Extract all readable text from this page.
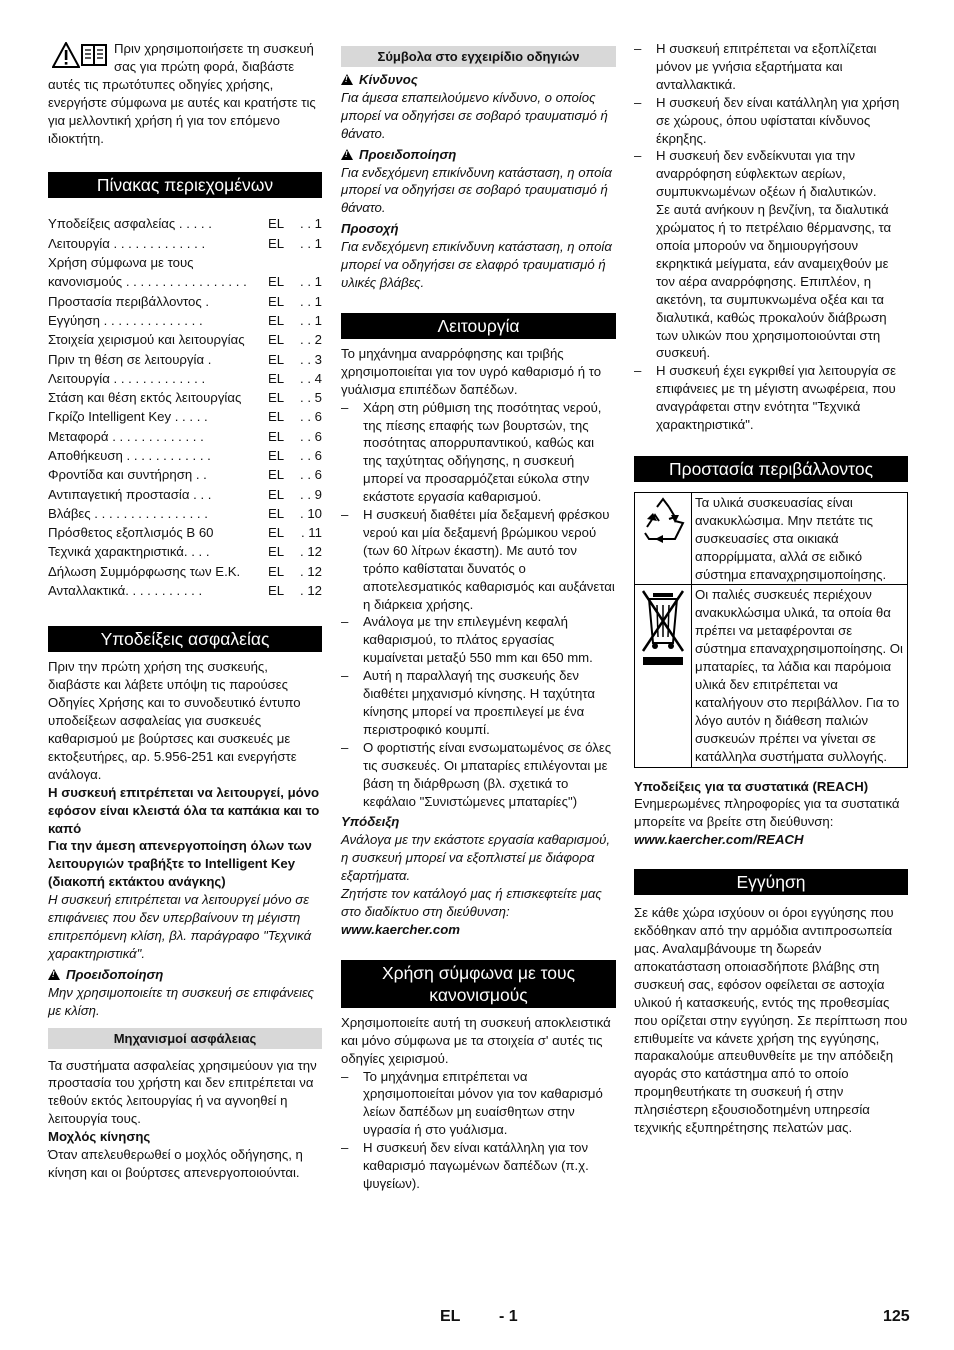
Πριν χρησιμοποιήσετε τη συσκευή σας για πρώτη φορά, διαβάστε αυτές τις πρωτότυπες οδηγίες χρήσης, ενεργήστε σύμφωνα με αυτές και κρατήστε τις για μελλοντική χρήση ή για τον επόμενο ιδιοκτήτη.

Πίνακας περιεχομένων
Υποδείξεις ασφαλείας . . . . .	EL	. . 1
Λειτουργία . . . . . . . . . . . . .	EL	. . 1
Χρήση σύμφωνα με τους κανονισμούς . . . . . . . . . . . . . . . . .	EL	. . 1
Προστασία περιβάλλοντος .	EL	. . 1
Εγγύηση . . . . . . . . . . . . . .	EL	. . 1
Στοιχεία χειρισμού και λειτουργίας	EL	. . 2
Πριν τη θέση σε λειτουργία .	EL	. . 3
Λειτουργία . . . . . . . . . . . . .	EL	. . 4
Στάση και θέση εκτός λειτουργίας	EL	. . 5
Γκρίζο Intelligent Key . . . . .	EL	. . 6
Μεταφορά . . . . . . . . . . . . .	EL	. . 6
Αποθήκευση . . . . . . . . . . . .	EL	. . 6
Φροντίδα και συντήρηση . .	EL	. . 6
Αντιπαγετική προστασία . . .	EL	. . 9
Βλάβες . . . . . . . . . . . . . . . .	EL	. 10
Πρόσθετος εξοπλισμός B 60	EL	. 11
Τεχνικά χαρακτηριστικά. . . .	EL	. 12
Δήλωση Συμμόρφωσης των Ε.Κ.	EL	. 12
Ανταλλακτικά. . . . . . . . . . .	EL	. 12
Υποδείξεις ασφαλείας

Πριν την πρώτη χρήση της συσκευής, διαβάστε και λάβετε υπόψη τις παρούσες Οδηγίες Χρήσης και το συνοδευτικό έντυπο υποδείξεων ασφαλείας για συσκευές καθαρισμού με βούρτσες και συσκευές με εκτοξευτήρες, αρ. 5.956-251 και ενεργήστε ανάλογα.

Η συσκευή επιτρέπεται να λειτουργεί, μόνο εφόσον είναι κλειστά όλα τα καπάκια και το καπό

Για την άμεση απενεργοποίηση όλων των λειτουργιών τραβήξτε το Intelligent Key (διακοπή εκτάκτου ανάγκης)

Η συσκευή επιτρέπεται να λειτουργεί μόνο σε επιφάνειες που δεν υπερβαίνουν τη μέγιστη επιτρεπόμενη κλίση, βλ. παράγραφο "Τεχνικά χαρακτηριστικά".

!Προειδοποίηση

Μην χρησιμοποιείτε τη συσκευή σε επιφάνειες με κλίση.

Μηχανισμοί ασφάλειας

Τα συστήματα ασφαλείας χρησιμεύουν για την προστασία του χρήστη και δεν επιτρέπεται να τεθούν εκτός λειτουργίας ή να αγνοηθεί η λειτουργία τους.

Μοχλός κίνησης

Όταν απελευθερωθεί ο μοχλός οδήγησης, η κίνηση και οι βούρτσες απενεργοποιούνται.

Σύμβολα στο εγχειρίδιο οδηγιών

!Κίνδυνος

Για άμεσα επαπειλούμενο κίνδυνο, ο οποίος μπορεί να οδηγήσει σε σοβαρό τραυματισμό ή θάνατο.

!Προειδοποίηση

Για ενδεχόμενη επικίνδυνη κατάσταση, η οποία μπορεί να οδηγήσει σε σοβαρό τραυματισμό ή θάνατο.

Προσοχή

Για ενδεχόμενη επικίνδυνη κατάσταση, η οποία μπορεί να οδηγήσει σε ελαφρό τραυματισμό ή υλικές βλάβες.

Λειτουργία

Το μηχάνημα αναρρόφησης και τριβής χρησιμοποιείται για τον υγρό καθαρισμό ή το γυάλισμα επιπέδων δαπέδων.

–	Χάρη στη ρύθμιση της ποσότητας νερού, της πίεσης επαφής των βουρτσών, της ποσότητας απορρυπαντικού, καθώς και της ταχύτητας οδήγησης, η συσκευή μπορεί να προσαρμόζεται εύκολα στην εκάστοτε εργασία καθαρισμού.
–	Η συσκευή διαθέτει μία δεξαμενή φρέσκου νερού και μία δεξαμενή βρώμικου νερού (των 60 λίτρων έκαστη). Με αυτό τον τρόπο καθίσταται δυνατός ο αποτελεσματικός καθαρισμός και αυξάνεται η διάρκεια χρήσης.
–	Ανάλογα με την επιλεγμένη κεφαλή καθαρισμού, το πλάτος εργασίας κυμαίνεται μεταξύ 550 mm και 650 mm.
–	Αυτή η παραλλαγή της συσκευής δεν διαθέτει μηχανισμό κίνησης. Η ταχύτητα κίνησης μπορεί να προεπιλεγεί με ένα περιστροφικό κουμπί.
–	Ο φορτιστής είναι ενσωματωμένος σε όλες τις συσκευές. Οι μπαταρίες επιλέγονται με βάση τη διάρθρωση (βλ. σχετικά το κεφάλαιο "Συνιστώμενες μπαταρίες")

Υπόδειξη

Ανάλογα με την εκάστοτε εργασία καθαρισμού, η συσκευή μπορεί να εξοπλιστεί με διάφορα εξαρτήματα.

Ζητήστε τον κατάλογό μας ή επισκεφτείτε μας στο διαδίκτυο στη διεύθυνση:

www.kaercher.com

Χρήση σύμφωνα με τους κανονισμούς

Χρησιμοποιείτε αυτή τη συσκευή αποκλειστικά και μόνο σύμφωνα με τα στοιχεία σ' αυτές τις οδηγίες χειρισμού.

–	Το μηχάνημα επιτρέπεται να χρησιμοποιείται μόνον για τον καθαρισμό λείων δαπέδων μη ευαίσθητων στην υγρασία ή στο γυάλισμα.
–	Η συσκευή δεν είναι κατάλληλη για τον καθαρισμό παγωμένων δαπέδων (π.χ. ψυγείων).
–	Η συσκευή επιτρέπεται να εξοπλίζεται μόνον με γνήσια εξαρτήματα και ανταλλακτικά.
–	Η συσκευή δεν είναι κατάλληλη για χρήση σε χώρους, όπου υφίσταται κίνδυνος έκρηξης.
–	Η συσκευή δεν ενδείκνυται για την αναρρόφηση εύφλεκτων αερίων, συμπυκνωμένων οξέων ή διαλυτικών.
Σε αυτά ανήκουν η βενζίνη, τα διαλυτικά χρώματος ή το πετρέλαιο θέρμανσης, τα οποία μπορούν να δημιουργήσουν εκρηκτικά μείγματα, εάν αναμειχθούν με τον αέρα αναρρόφησης. Επιπλέον, η ακετόνη, τα συμπυκνωμένα οξέα και τα διαλυτικά, καθώς προκαλούν διάβρωση των υλικών που χρησιμοποιούνται στη συσκευή.
–	Η συσκευή έχει εγκριθεί για λειτουργία σε επιφάνειες με τη μέγιστη ανωφέρεια, που αναγράφεται στην ενότητα "Τεχνικά χαρακτηριστικά".
Προστασία περιβάλλοντος
	Τα υλικά συσκευασίας είναι ανακυκλώσιμα. Μην πετάτε τις συσκευασίες στα οικιακά απορρίμματα, αλλά σε ειδικό σύστημα επαναχρησιμοποίησης.
	Οι παλιές συσκευές περιέχουν ανακυκλώσιμα υλικά, τα οποία θα πρέπει να μεταφέρονται σε σύστημα επαναχρησιμοποίησης. Οι μπαταρίες, τα λάδια και παρόμοια υλικά δεν επιτρέπεται να καταλήγουν στο περιβάλλον. Για το λόγο αυτόν η διάθεση παλιών συσκευών πρέπει να γίνεται σε κατάλληλα συστήματα συλλογής.

Υποδείξεις για τα συστατικά (REACH)

Ενημερωμένες πληροφορίες για τα συστατικά μπορείτε να βρείτε στη διεύθυνση:

www.kaercher.com/REACH

Εγγύηση

Σε κάθε χώρα ισχύουν οι όροι εγγύησης που εκδόθηκαν από την αρμόδια αντιπροσωπεία μας. Αναλαμβάνουμε τη δωρεάν αποκατάσταση οποιασδήποτε βλάβης στη συσκευή σας, εφόσον οφείλεται σε αστοχία υλικού ή κατασκευής, εντός της προθεσμίας που ορίζεται στην εγγύηση. Σε περίπτωση που επιθυμείτε να κάνετε χρήση της εγγύησης, παρακαλούμε απευθυνθείτε με την απόδειξη αγοράς στο κατάστημα από το οποίο προμηθευτήκατε τη συσκευή ή στην πλησιέστερη εξουσιοδοτημένη υπηρεσία τεχνικής εξυπηρέτησης πελατών μας.

EL - 1	125
